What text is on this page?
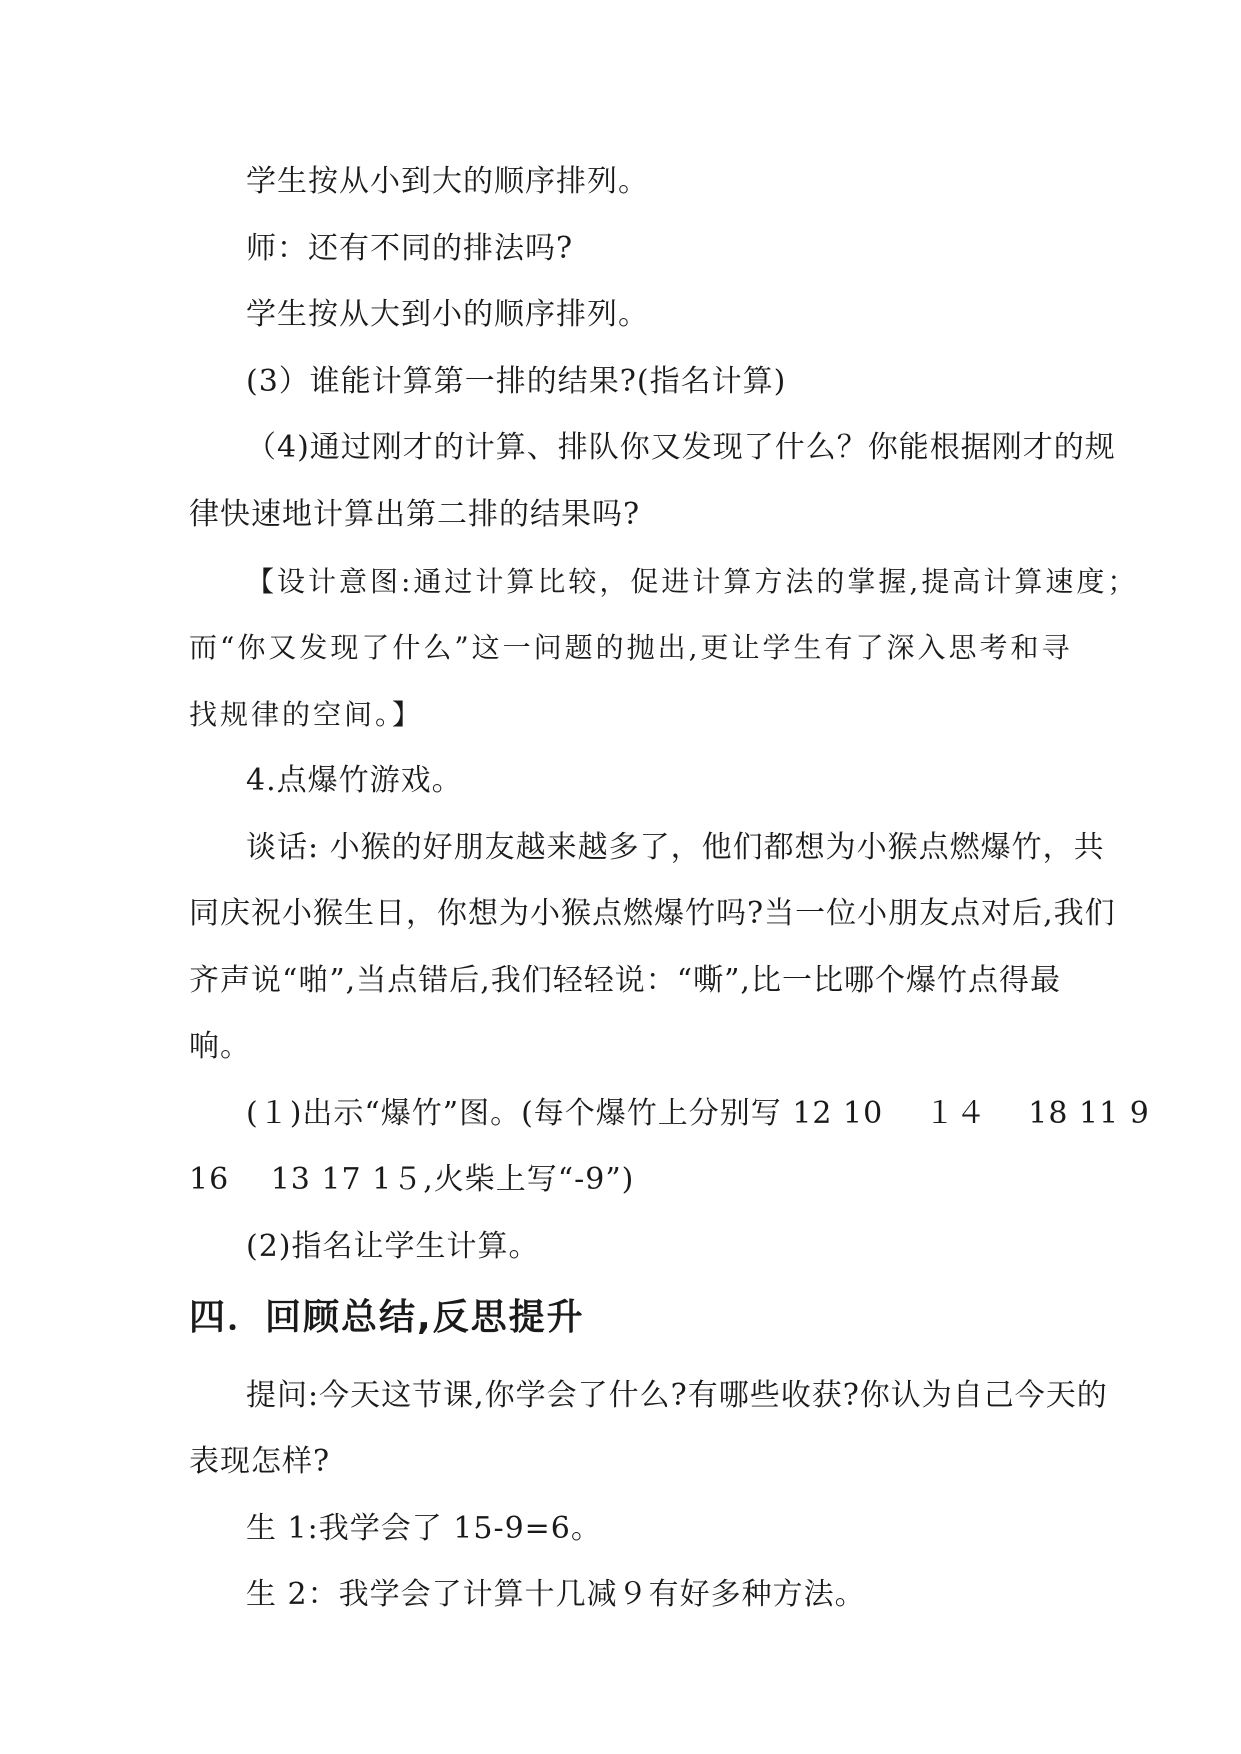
学生按从小到大的顺序排列。
师：还有不同的排法吗?
学生按从大到小的顺序排列。
(3）谁能计算第一排的结果?(指名计算)
（4)通过刚才的计算、排队你又发现了什么？你能根据刚才的规
律快速地计算出第二排的结果吗?
【设计意图:通过计算比较，促进计算方法的掌握,提高计算速度；
而“你又发现了什么”这一问题的抛出,更让学生有了深入思考和寻
找规律的空间。】
4.点爆竹游戏。
谈话: 小猴的好朋友越来越多了，他们都想为小猴点燃爆竹，共
同庆祝小猴生日，你想为小猴点燃爆竹吗?当一位小朋友点对后,我们
齐声说“啪”,当点错后,我们轻轻说：“嘶”,比一比哪个爆竹点得最
响。
(１)出示“爆竹”图。(每个爆竹上分别写 12 10　 １４　 18 11 9
16　 13 17 1５,火柴上写“-9”)
(2)指名让学生计算。
四．回顾总结,反思提升
提问:今天这节课,你学会了什么?有哪些收获?你认为自己今天的
表现怎样?
生 1:我学会了 15-9=6。
生 2：我学会了计算十几减９有好多种方法。
